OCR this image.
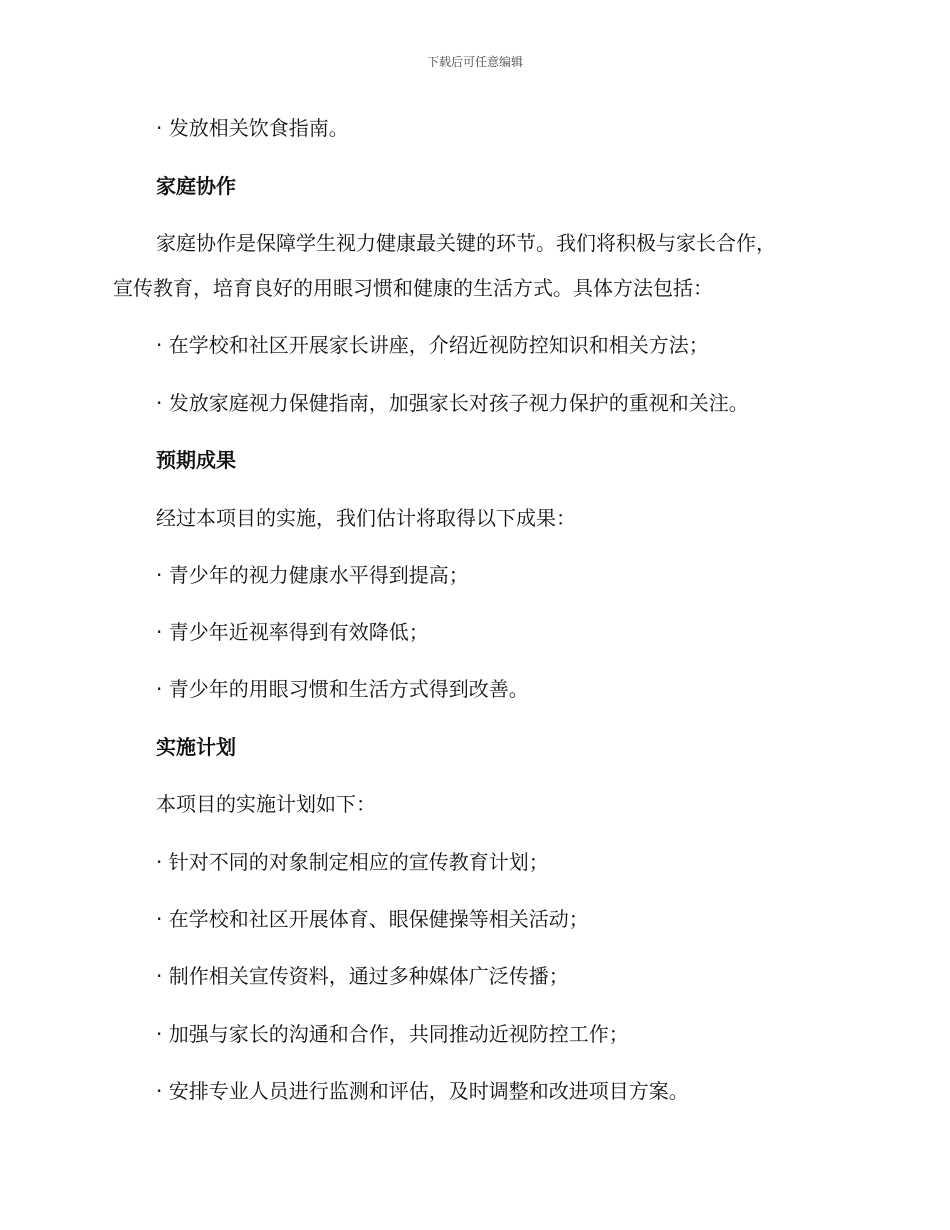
下载后可任意编辑
· 发放相关饮食指南。
家庭协作
家庭协作是保障学生视力健康最关键的环节。我们将积极与家长合作，
宣传教育，培育良好的用眼习惯和健康的生活方式。具体方法包括：
· 在学校和社区开展家长讲座，介绍近视防控知识和相关方法；
· 发放家庭视力保健指南，加强家长对孩子视力保护的重视和关注。
预期成果
经过本项目的实施，我们估计将取得以下成果：
· 青少年的视力健康水平得到提高；
· 青少年近视率得到有效降低；
· 青少年的用眼习惯和生活方式得到改善。
实施计划
本项目的实施计划如下：
· 针对不同的对象制定相应的宣传教育计划；
· 在学校和社区开展体育、眼保健操等相关活动；
· 制作相关宣传资料，通过多种媒体广泛传播；
· 加强与家长的沟通和合作，共同推动近视防控工作；
· 安排专业人员进行监测和评估，及时调整和改进项目方案。
